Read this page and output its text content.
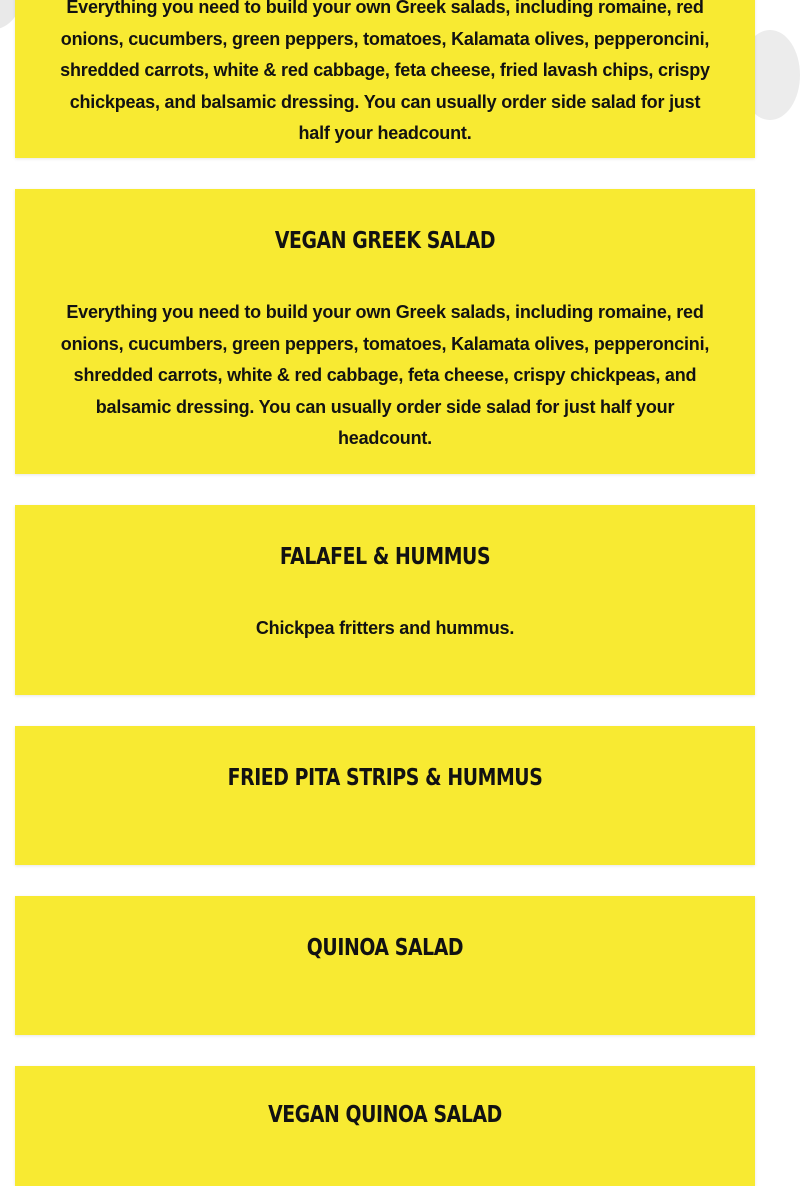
Everything you need to build your own Greek salads, including romaine, red onions, cucumbers, green peppers, tomatoes, Kalamata olives, pepperoncini, shredded carrots, white & red cabbage, feta cheese, fried lavash chips, crispy chickpeas, and balsamic dressing. You can usually order side salad for just half your headcount.

VEGAN GREEK SALAD

Everything you need to build your own Greek salads, including romaine, red onions, cucumbers, green peppers, tomatoes, Kalamata olives, pepperoncini, shredded carrots, white & red cabbage, feta cheese, crispy chickpeas, and balsamic dressing. You can usually order side salad for just half your headcount.

FALAFEL & HUMMUS

Chickpea fritters and hummus.

FRIED PITA STRIPS & HUMMUS
QUINOA SALAD
VEGAN QUINOA SALAD
